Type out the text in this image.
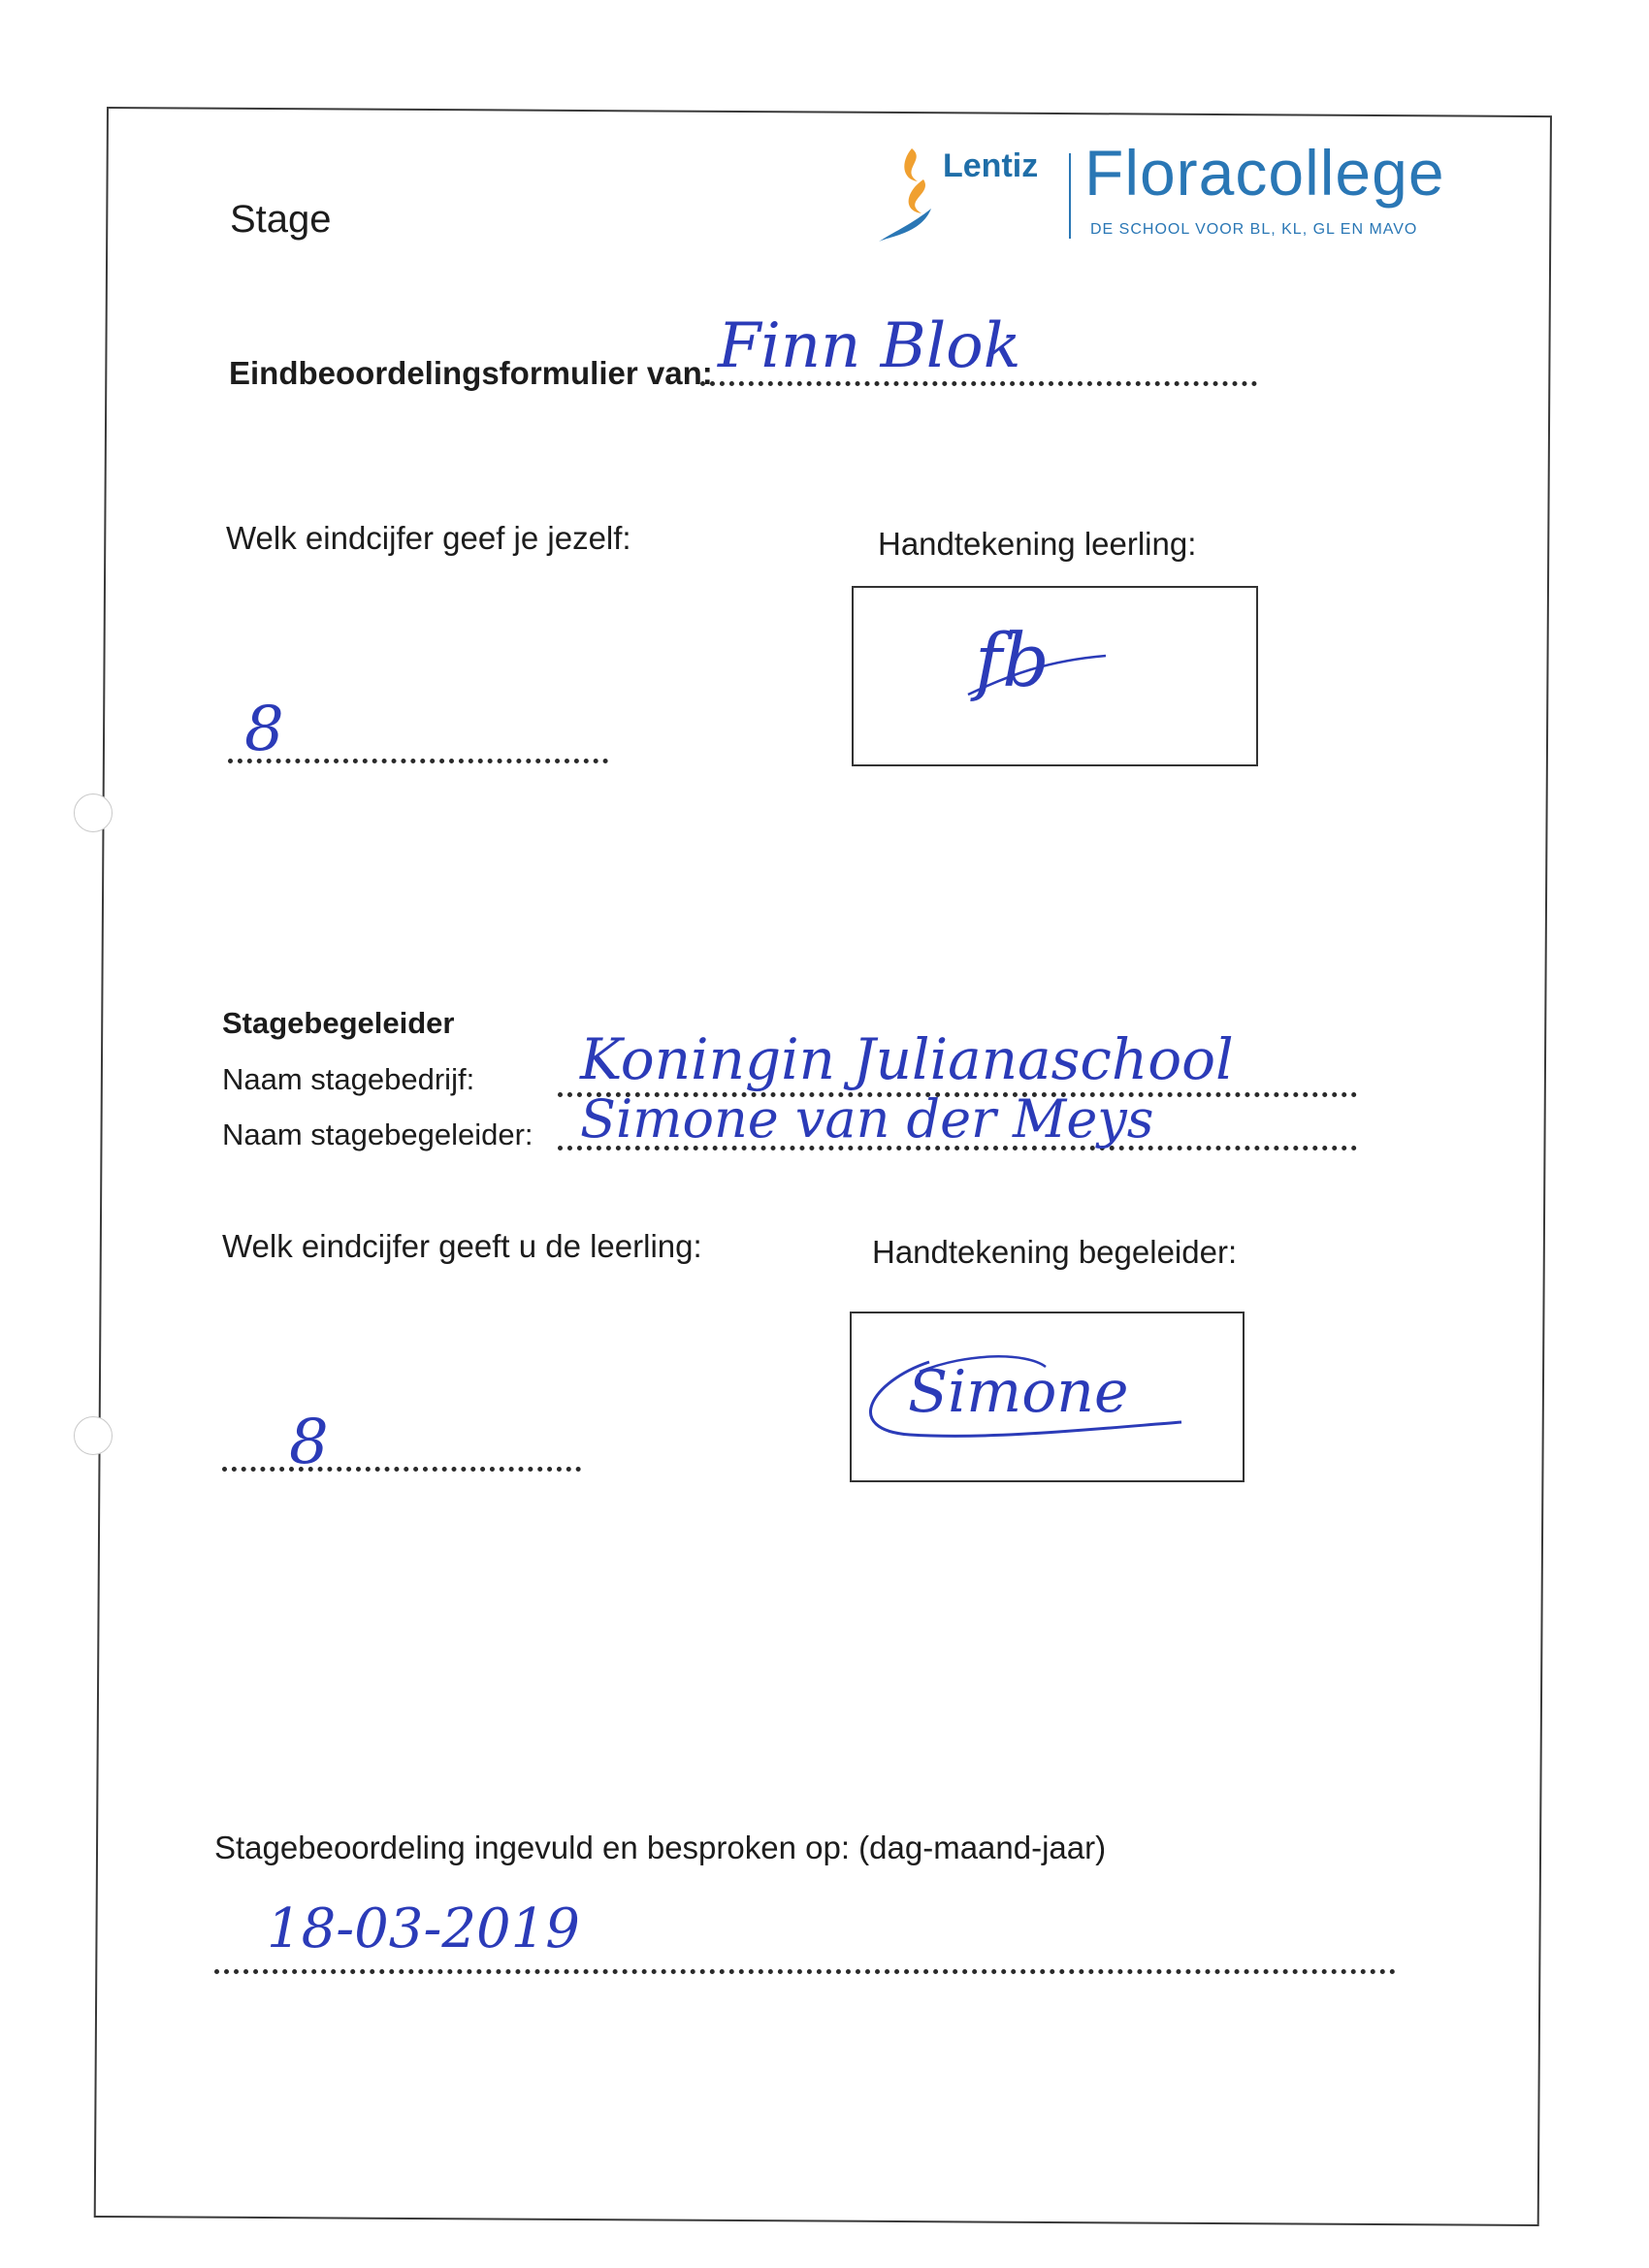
Stage
Lentiz Floracollege
DE SCHOOL VOOR BL, KL, GL EN MAVO
Eindbeoordelingsformulier van: Finn Blok
Welk eindcijfer geef je jezelf:
8
Handtekening leerling:
fb
Stagebegeleider
Naam stagebedrijf: Koningin Julianaschool
Naam stagebegeleider: Simone van der Meys
Welk eindcijfer geeft u de leerling:
8
Handtekening begeleider:
Simone
Stagebeoordeling ingevuld en besproken op: (dag-maand-jaar)
18-03-2019
